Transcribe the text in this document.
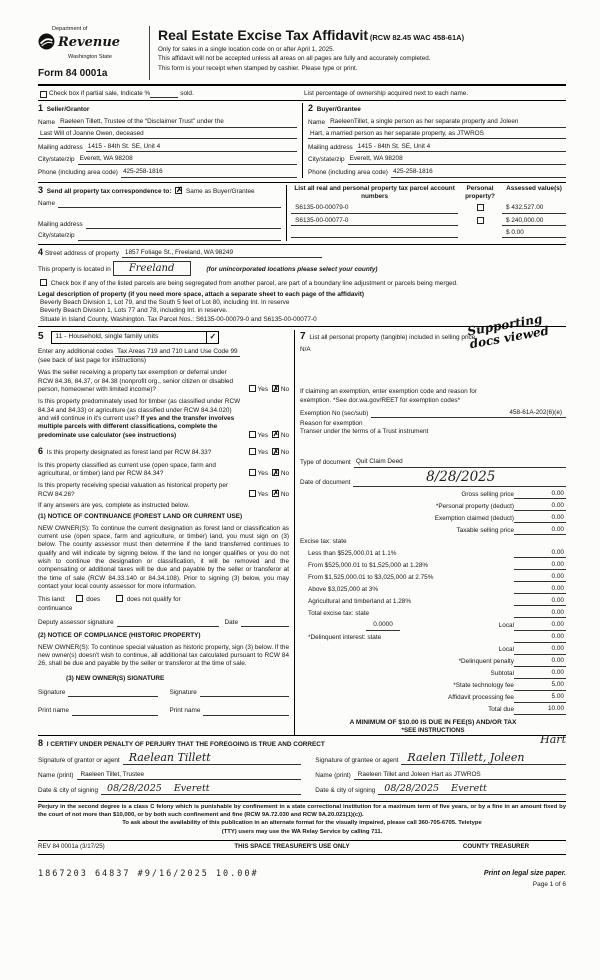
Department of
Revenue
Washington State
Form 84 0001a
Real Estate Excise Tax Affidavit (RCW 82.45 WAC 458-61A)
Only for sales in a single location code on or after April 1, 2025.
This affidavit will not be accepted unless all areas on all pages are fully and accurately completed.
This form is your receipt when stamped by cashier. Please type or print.
Check box if partial sale, Indicate %	sold.	List percentage of ownership acquired next to each name.
1 Seller/Grantor
Name Raeleen Tillett, Trustee of the “Disclaimer Trust” under the
Last Will of Joanne Owen, deceased
Mailing address 1415 - 84th St. SE, Unit 4
City/state/zip Everett, WA 98208
Phone (including area code) 425-258-1816
2 Buyer/Grantee
Name RaeleenTillet, a single person as her separate property and Joleen
Hart, a married person as her separate property, as JTWROS
Mailing address 1415 - 84th St. SE, Unit 4
City/state/zip Everett, WA 98208
Phone (including area code) 425-258-1816
3 Send all property tax correspondence to: ✗ Same as Buyer/Grantee
Name
Mailing address
City/state/zip
List all real and personal property tax parcel account numbers
Personal property?
Assessed value(s)
S6135-00-00079-0	$ 432,527.00
S6135-00-00077-0	$ 240,000.00
$ 0.00
4 Street address of property 1857 Foliage St., Freeland, WA 98249
This property is located in Freeland	(for unincorporated locations please select your county)
Check box if any of the listed parcels are being segregated from another parcel, are part of a boundary line adjustment or parcels being merged.
Legal description of property (if you need more space, attach a separate sheet to each page of the affidavit)
Beverly Beach Division 1, Lot 79, and the South 5 feet of Lot 80, including Int. In reserve
Beverly Beach Division 1, Lots 77 and 78, including Int. in reserve.
Situate in Island County, Washington. Tax Parcel Nos.: S6135-00-00079-0 and S6135-00-00077-0	Supporting docs viewed
5	11 - Household, single family units
✓
Enter any additional codes Tax Areas 719 and 710 Land Use Code 99
(see back of last page for instructions)
Was the seller receiving a property tax exemption or deferral under RCW 84.36, 84.37, or 84.38 (nonprofit org., senior citizen or disabled person, homeowner with limited income)?	Yes ✗ No
Is this property predominately used for timber (as classified under RCW 84.34 and 84.33) or agriculture (as classified under RCW 84.34.020) and will continue in it's current use? If yes and the transfer involves multiple parcels with different classifications, complete the predominate use calculator (see instructions)	Yes ✗ No
6 Is this property designated as forest land per RCW 84.33?	Yes ✗ No
Is this property classified as current use (open space, farm and agricultural, or timber) land per RCW 84.34?	Yes ✗ No
Is this property receiving special valuation as historical property per RCW 84.26?	Yes ✗ No
If any answers are yes, complete as instructed below.
(1) NOTICE OF CONTINUANCE (FOREST LAND OR CURRENT USE)
NEW OWNER(S): To continue the current designation as forest land or classification as current use (open space, farm and agriculture, or timber) land, you must sign on (3) below. The county assessor must then determine if the land transferred continues to qualify and will indicate by signing below. If the land no longer qualifies or you do not wish to continue the designation or classification, it will be removed and the compensating or additional taxes will be due and payable by the seller or transferor at the time of sale (RCW 84.33.140 or 84.34.108). Prior to signing (3) below, you may contact your local county assessor for more information.
This land:	does	does not qualify for
continuance
Deputy assessor signature	Date
(2) NOTICE OF COMPLIANCE (HISTORIC PROPERTY)
NEW OWNER(S): To continue special valuation as historic property, sign (3) below. If the new owner(s) doesn't wish to continue, all additional tax calculated pursuant to RCW 84 26, shall be due and payable by the seller or transferor at the time of sale.
(3) NEW OWNER(S) SIGNATURE
Signature	Signature
Print name	Print name
7 List all personal property (tangible) included in selling price.
N/A
If claiming an exemption, enter exemption code and reason for
exemption. *See dor.wa.gov/REET for exemption codes*
Exemption No (sec/sub)	458-61A-202(6)(e)
Reason for exemption
Transer under the terms of a Trust instrument
Type of document Quit Claim Deed
Date of document	8/28/2025
Gross selling price	0.00
*Personal property (deduct)	0.00
Exemption claimed (deduct)	0.00
Taxable selling price	0.00
Excise tax: state
Less than $525,000.01 at 1.1%	0.00
From $525,000.01 to $1,525,000 at 1.28%	0.00
From $1,525,000.01 to $3,025,000 at 2.75%	0.00
Above $3,025,000 at 3%	0.00
Agricultural and timberland at 1.28%	0.00
Total excise tax: state	0.00
0.0000	Local	0.00
*Delinquent interest: state	0.00
Local	0.00
*Delinquent penalty	0.00
Subtotal	0.00
*State technology fee	5.00
Affidavit processing fee	5.00
Total due	10.00
A MINIMUM OF $10.00 IS DUE IN FEE(S) AND/OR TAX
*SEE INSTRUCTIONS
Hart
8 I CERTIFY UNDER PENALTY OF PERJURY THAT THE FOREGOING IS TRUE AND CORRECT
Signature of grantor or agent Raelean Tillett
Name (print) Raeleen Tillet, Trustee
Date & city of signing 08/28/2025    Everett
Signature of grantee or agent Raelen Tillett, Joleen
Name (print) Raeleen Tillet and Joleen Hart as JTWROS
Date & city of signing 08/28/2025    Everett
Perjury in the second degree is a class C felony which is punishable by confinement in a state correctional institution for a maximum term of five years, or by a fine in an amount fixed by the court of not more than $10,000, or by both such confinement and fine (RCW 9A.72.030 and RCW 9A.20.021(1)(c)).
To ask about the availability of this publication in an alternate format for the visually impaired, please call 360-705-6705. Teletype
(TTY) users may use the WA Relay Service by calling 711.
REV 84 0001a (3/17/25)	THIS SPACE TREASURER'S USE ONLY	COUNTY TREASURER
1867203 64837 #9/16/2025 10.00#	Print on legal size paper.
Page 1 of 6
